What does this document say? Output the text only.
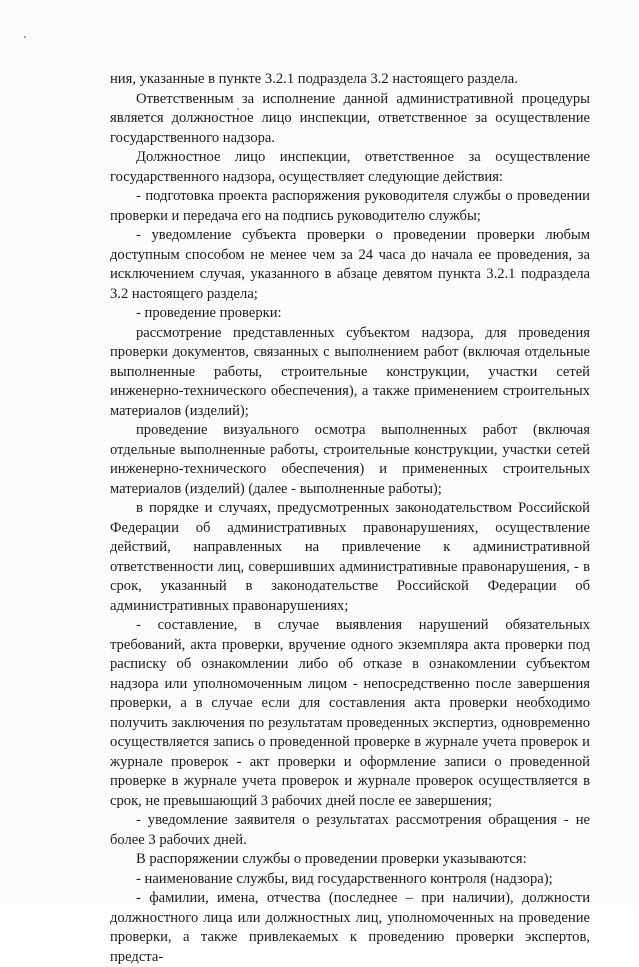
ния, указанные в пункте 3.2.1 подраздела 3.2 настоящего раздела.

Ответственным за исполнение данной административной процедуры является должностное лицо инспекции, ответственное за осуществление государственного надзора.

Должностное лицо инспекции, ответственное за осуществление государственного надзора, осуществляет следующие действия:

- подготовка проекта распоряжения руководителя службы о проведении проверки и передача его на подпись руководителю службы;

- уведомление субъекта проверки о проведении проверки любым доступным способом не менее чем за 24 часа до начала ее проведения, за исключением случая, указанного в абзаце девятом пункта 3.2.1 подраздела 3.2 настоящего раздела;

- проведение проверки:

рассмотрение представленных субъектом надзора, для проведения проверки документов, связанных с выполнением работ (включая отдельные выполненные работы, строительные конструкции, участки сетей инженерно-технического обеспечения), а также применением строительных материалов (изделий);

проведение визуального осмотра выполненных работ (включая отдельные выполненные работы, строительные конструкции, участки сетей инженерно-технического обеспечения) и примененных строительных материалов (изделий) (далее - выполненные работы);

в порядке и случаях, предусмотренных законодательством Российской Федерации об административных правонарушениях, осуществление действий, направленных на привлечение к административной ответственности лиц, совершивших административные правонарушения, - в срок, указанный в законодательстве Российской Федерации об административных правонарушениях;

- составление, в случае выявления нарушений обязательных требований, акта проверки, вручение одного экземпляра акта проверки под расписку об ознакомлении либо об отказе в ознакомлении субъектом надзора или уполномоченным лицом - непосредственно после завершения проверки, а в случае если для составления акта проверки необходимо получить заключения по результатам проведенных экспертиз, одновременно осуществляется запись о проведенной проверке в журнале учета проверок и журнале проверок - акт проверки и оформление записи о проведенной проверке в журнале учета проверок и журнале проверок осуществляется в срок, не превышающий 3 рабочих дней после ее завершения;

- уведомление заявителя о результатах рассмотрения обращения - не более 3 рабочих дней.

В распоряжении службы о проведении проверки указываются:

- наименование службы, вид государственного контроля (надзора);

- фамилии, имена, отчества (последнее – при наличии), должности должностного лица или должностных лиц, уполномоченных на проведение проверки, а также привлекаемых к проведению проверки экспертов, предста-
